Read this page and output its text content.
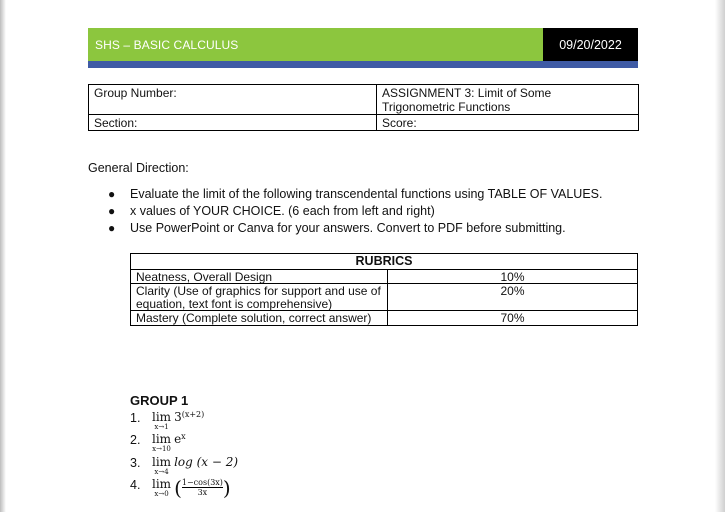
SHS – BASIC CALCULUS	09/20/2022
Group Number:	ASSIGNMENT 3: Limit of Some
Trigonometric Functions

Section:	Score:
General Direction:
● Evaluate the limit of the following transcendental functions using TABLE OF VALUES.
● x values of YOUR CHOICE. (6 each from left and right)
● Use PowerPoint or Canva for your answers. Convert to PDF before submitting.
RUBRICS	
Neatness, Overall Design	10%
Clarity (Use of graphics for support and use of equation, text font is comprehensive)	20%
Mastery (Complete solution, correct answer)	70%
GROUP 1
1. lim
x→1
$3^{(x+2)}$
2. lim
x→10
$e^x$
3. lim
x→4
log (x − 2)
4. lim
x→0 ( $\frac{1-\cos(3x)}{3x}$ )
